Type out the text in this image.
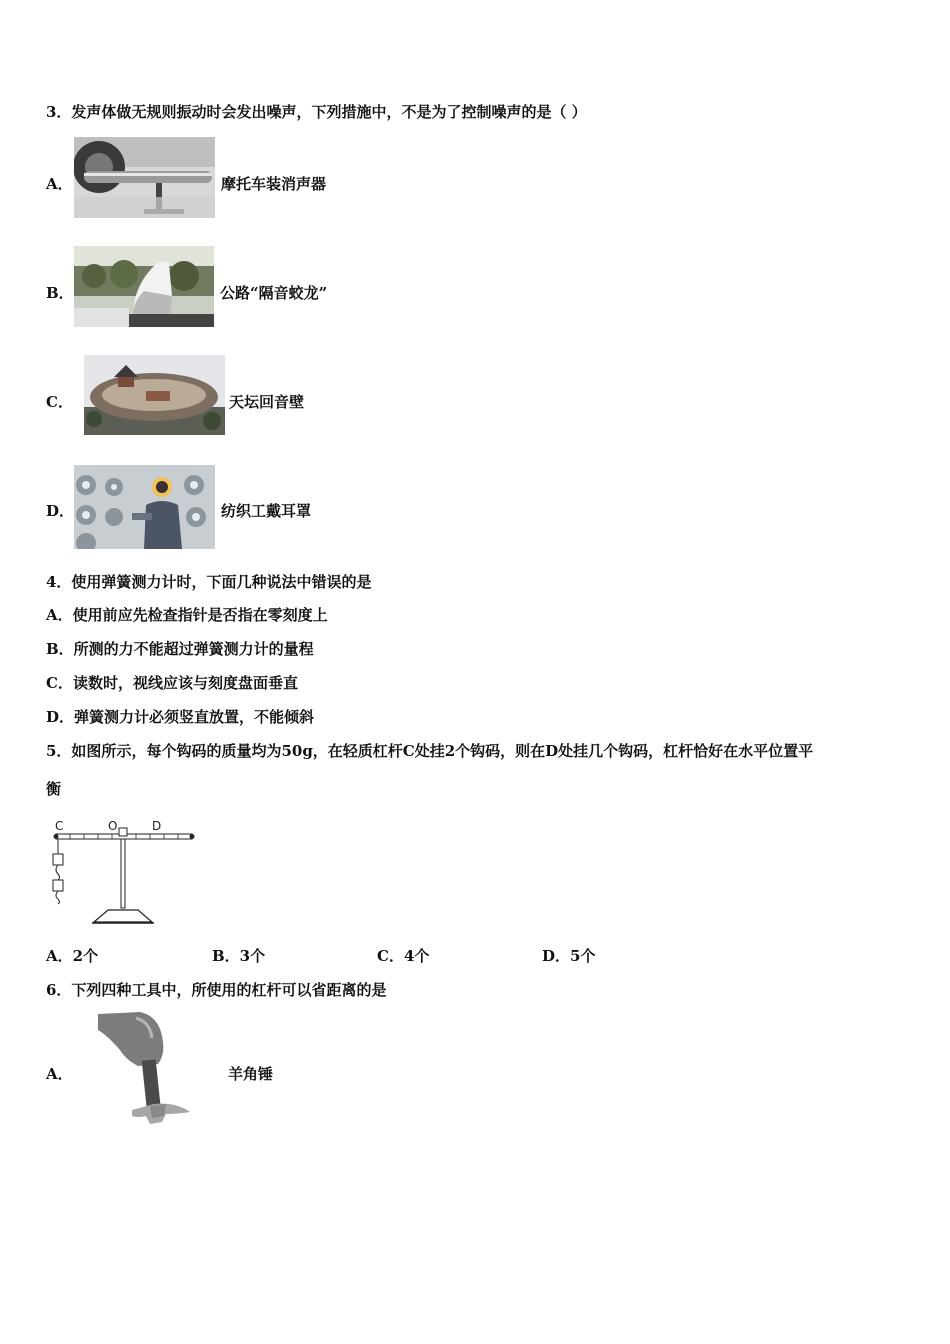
3．发声体做无规则振动时会发出噪声，下列措施中，不是为了控制噪声的是（ ）
A．	摩托车装消声器
B．	公路“隔音蛟龙”
C．	天坛回音壁
D．	纺织工戴耳罩
4．使用弹簧测力计时，下面几种说法中错误的是
A．使用前应先检查指针是否指在零刻度上
B．所测的力不能超过弹簧测力计的量程
C．读数时，视线应该与刻度盘面垂直
D．弹簧测力计必须竖直放置，不能倾斜
5．如图所示，每个钩码的质量均为50g，在轻质杠杆C处挂2个钩码，则在D处挂几个钩码，杠杆恰好在水平位置平
衡
C	O	D
A．2个	B．3个	C．4个	D．5个
6．下列四种工具中，所使用的杠杆可以省距离的是
A．	羊角锤
